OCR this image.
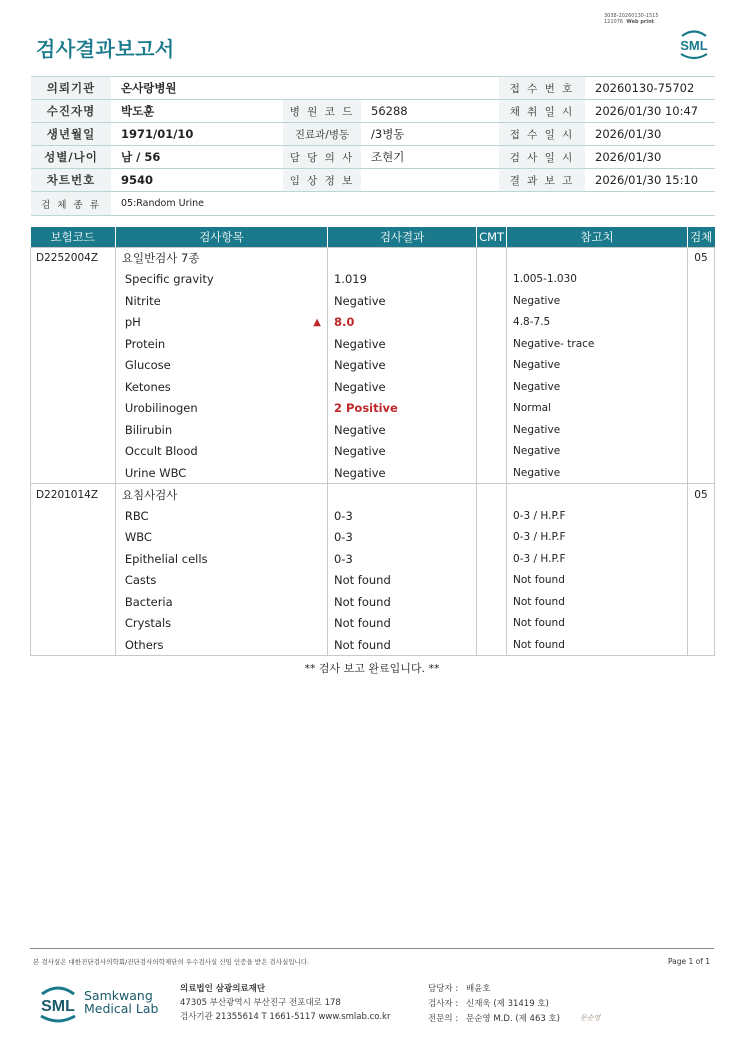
3038-20260130-1515
121076 Web print
검사결과보고서	SML
의뢰기관	온사랑병원			접 수 번 호	20260130-75702
수진자명	박도훈	병 원 코 드	56288	채 취 일 시	2026/01/30 10:47
생년월일	1971/01/10	진료과/병동	/3병동	접 수 일 시	2026/01/30
성별/나이	남 / 56	담 당 의 사	조현기	검 사 일 시	2026/01/30
차트번호	9540	임 상 정 보		결 과 보 고	2026/01/30 15:10
검 체 종 류	05:Random Urine				
보험코드	검사항목		검사결과	CMT	참고치	검체
D2252004Z	요일반검사 7종					05
	Specific gravity		1.019		1.005-1.030	
	Nitrite		Negative		Negative	
	pH	▲	8.0		4.8-7.5	
	Protein		Negative		Negative- trace	
	Glucose		Negative		Negative	
	Ketones		Negative		Negative	
	Urobilinogen		2 Positive		Normal	
	Bilirubin		Negative		Negative	
	Occult Blood		Negative		Negative	
	Urine WBC		Negative		Negative	
D2201014Z	요침사검사					05
	RBC		0-3		0-3 / H.P.F	
	WBC		0-3		0-3 / H.P.F	
	Epithelial cells		0-3		0-3 / H.P.F	
	Casts		Not found		Not found	
	Bacteria		Not found		Not found	
	Crystals		Not found		Not found	
	Others		Not found		Not found	
** 검사 보고 완료입니다. **
본 검사실은 대한진단검사의학회/진단검사의학재단의 우수검사실 신임 인증을 받은 검사실입니다.	Page 1 of 1
SML
Samkwang
Medical Lab
의료법인 삼광의료재단
47305 부산광역시 부산진구 전포대로 178
검사기관 21355614 T 1661-5117 www.smlab.co.kr
담당자 : 배윤호
검사자 : 신재욱 (제 31419 호)
전문의 : 문순영 M.D. (제 463 호)	문순영
